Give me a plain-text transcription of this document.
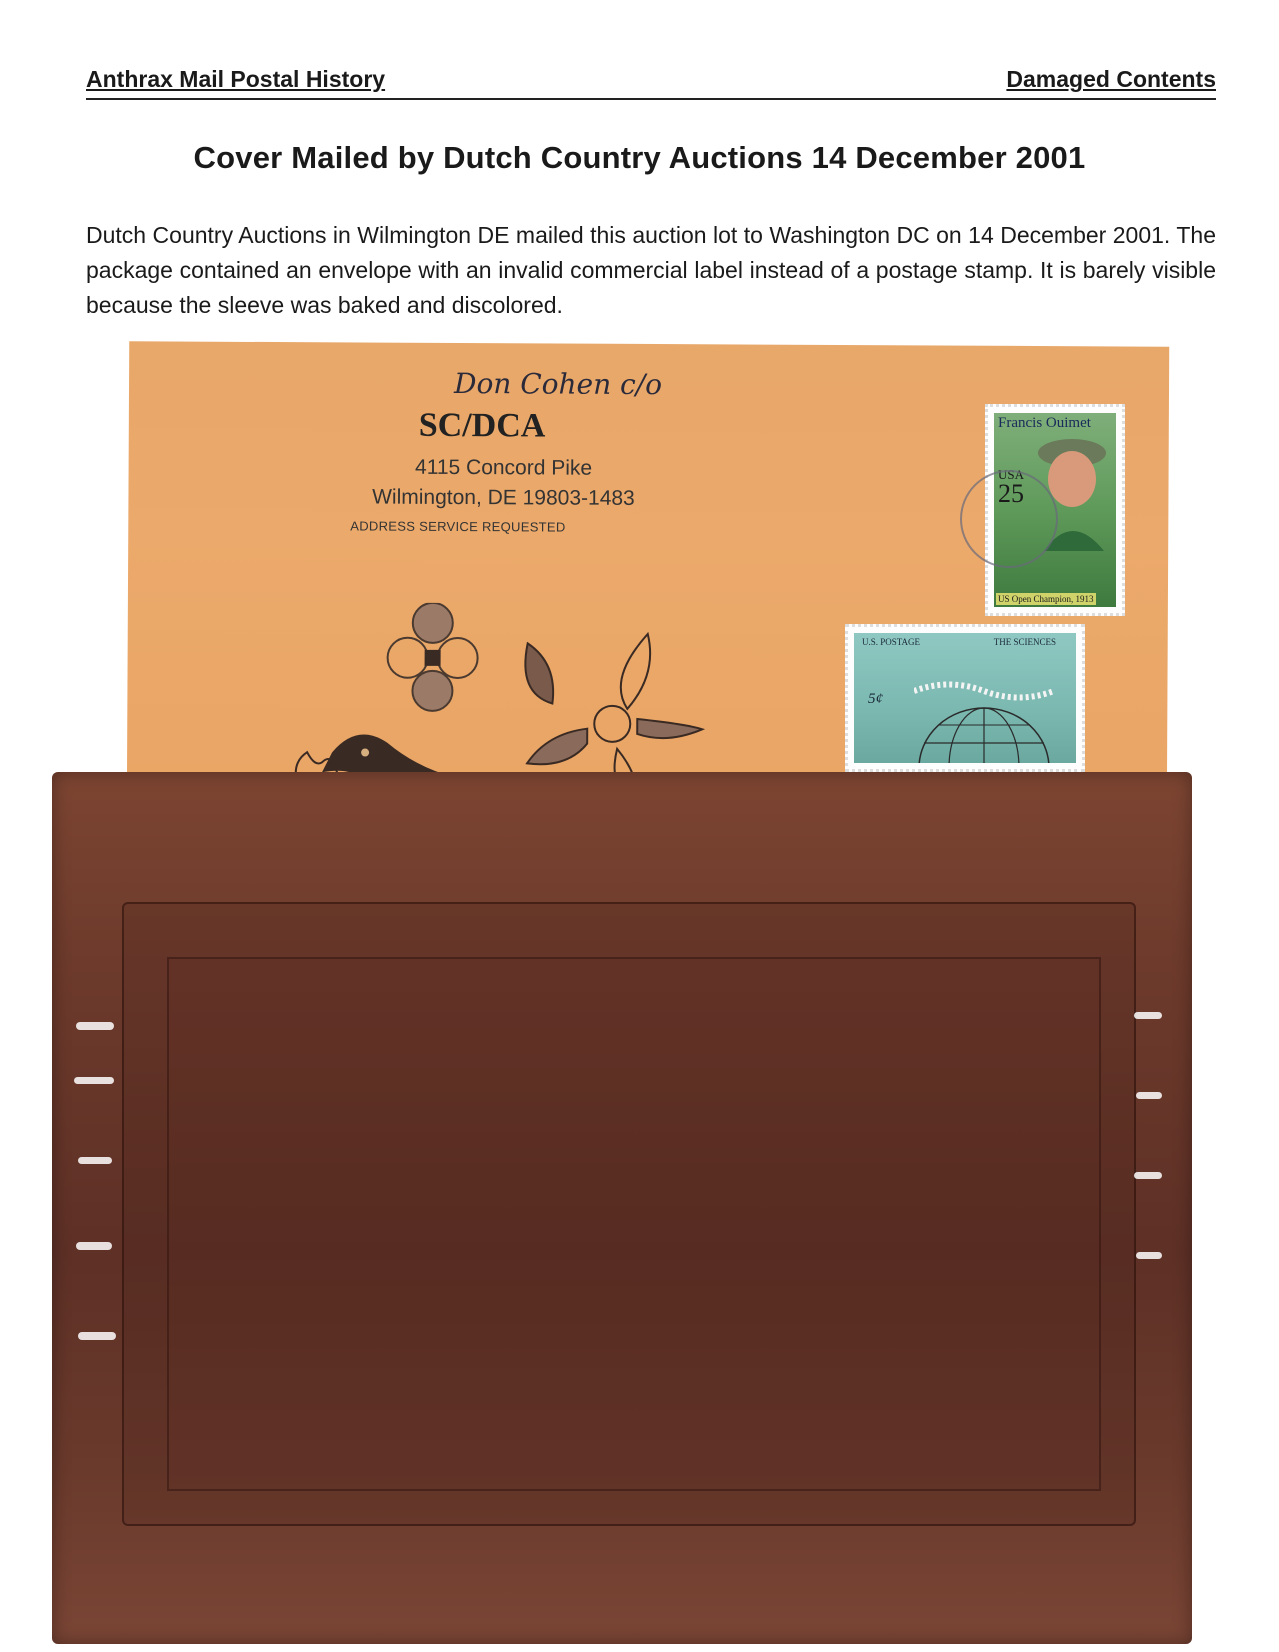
Anthrax Mail Postal History	Damaged Contents
Cover Mailed by Dutch Country Auctions 14 December 2001
Dutch Country Auctions in Wilmington DE mailed this auction lot to Washington DC on 14 December 2001. The package contained an envelope with an invalid commercial label instead of a postage stamp. It is barely visible because the sleeve was baked and discolored.
Don Cohen c/o
SC/DCA
4115 Concord Pike
Wilmington, DE 19803-1483
ADDRESS SERVICE REQUESTED
Francis Ouimet
USA
25
US Open Champion, 1913
U.S. POSTAGE	THE SCIENCES
5¢
